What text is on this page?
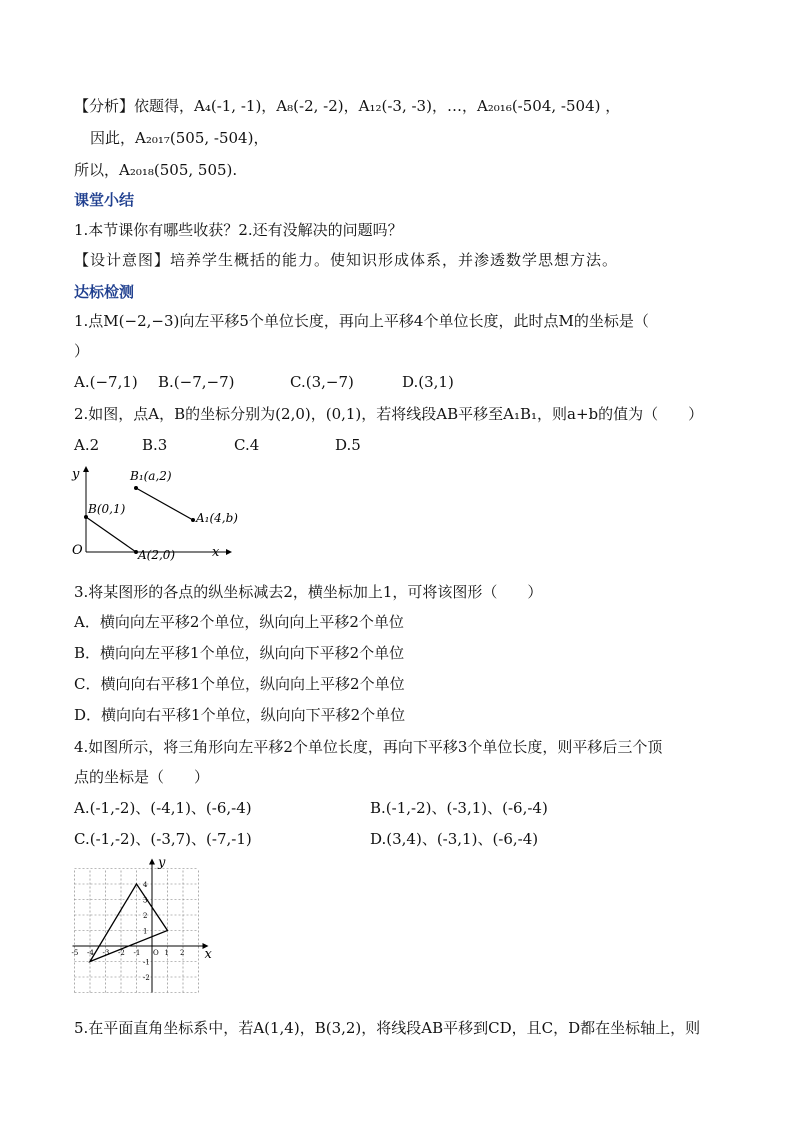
【分析】依题得，A₄(-1, -1)，A₈(-2, -2)，A₁₂(-3, -3)，…，A₂₀₁₆(-504, -504) ，
因此，A₂₀₁₇(505, -504)，
所以，A₂₀₁₈(505, 505).
课堂小结
1.本节课你有哪些收获？2.还有没解决的问题吗？
【设计意图】培养学生概括的能力。使知识形成体系，并渗透数学思想方法。
达标检测
1.点M(−2,−3)向左平移5个单位长度，再向上平移4个单位长度，此时点M的坐标是（
）
A.(−7,1) B.(−7,−7)	C.(3,−7)	D.(3,1)
2.如图，点A，B的坐标分别为(2,0)，(0,1)，若将线段AB平移至A₁B₁，则a+b的值为（　　）
A.2	B.3	C.4	D.5
y
x
O
B(0,1)
A(2,0)
B₁(a,2)
A₁(4,b)
3.将某图形的各点的纵坐标减去2，横坐标加上1，可将该图形（　　）
A．横向向左平移2个单位，纵向向上平移2个单位
B．横向向左平移1个单位，纵向向下平移2个单位
C．横向向右平移1个单位，纵向向上平移2个单位
D．横向向右平移1个单位，纵向向下平移2个单位
4.如图所示，将三角形向左平移2个单位长度，再向下平移3个单位长度，则平移后三个顶
点的坐标是（　　）
A.(-1,-2)、(-4,1)、(-6,-4)	B.(-1,-2)、(-3,1)、(-6,-4)
C.(-1,-2)、(-3,7)、(-7,-1)	D.(3,4)、(-3,1)、(-6,-4)
y
x
-5 -4 -3 -2 -1 O 1 2
4
3
2
1
-1
-2
5.在平面直角坐标系中，若A(1,4)，B(3,2)，将线段AB平移到CD，且C，D都在坐标轴上，则
